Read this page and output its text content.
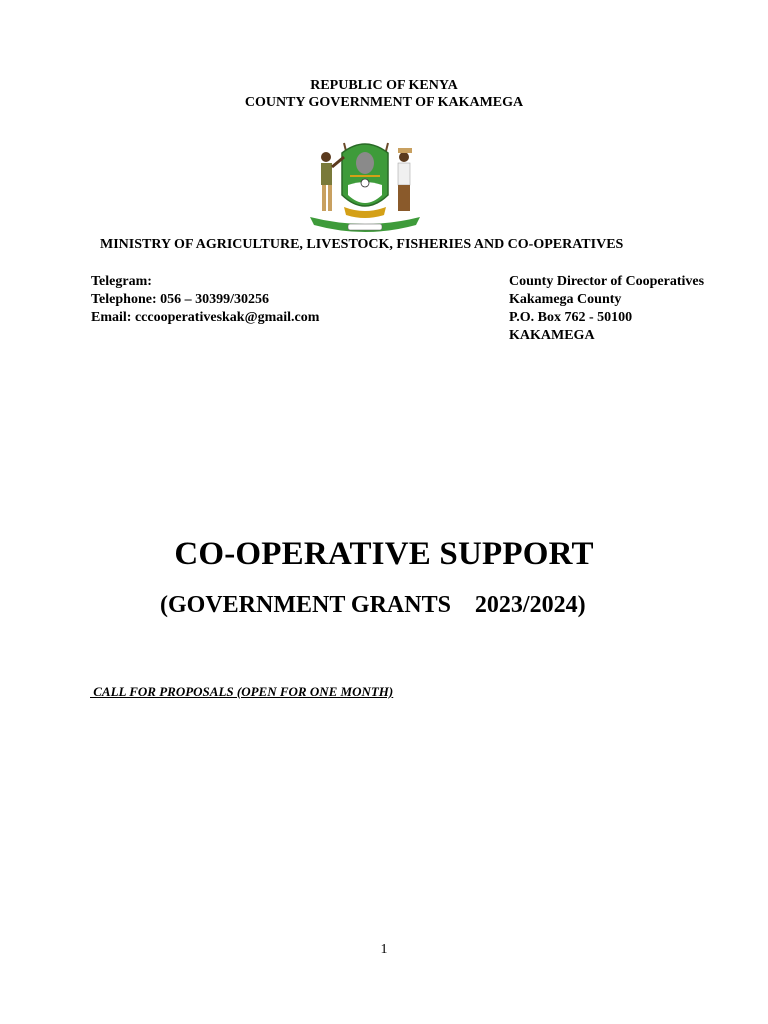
REPUBLIC OF KENYA
COUNTY GOVERNMENT OF KAKAMEGA
MINISTRY OF AGRICULTURE, LIVESTOCK, FISHERIES AND CO-OPERATIVES
Telegram:
Telephone: 056 – 30399/30256
Email: cccooperativeskak@gmail.com
County Director of Cooperatives
Kakamega County
P.O. Box 762 - 50100
KAKAMEGA
CO-OPERATIVE SUPPORT
(GOVERNMENT GRANTS    2023/2024)
CALL FOR PROPOSALS (OPEN FOR ONE MONTH)
1
